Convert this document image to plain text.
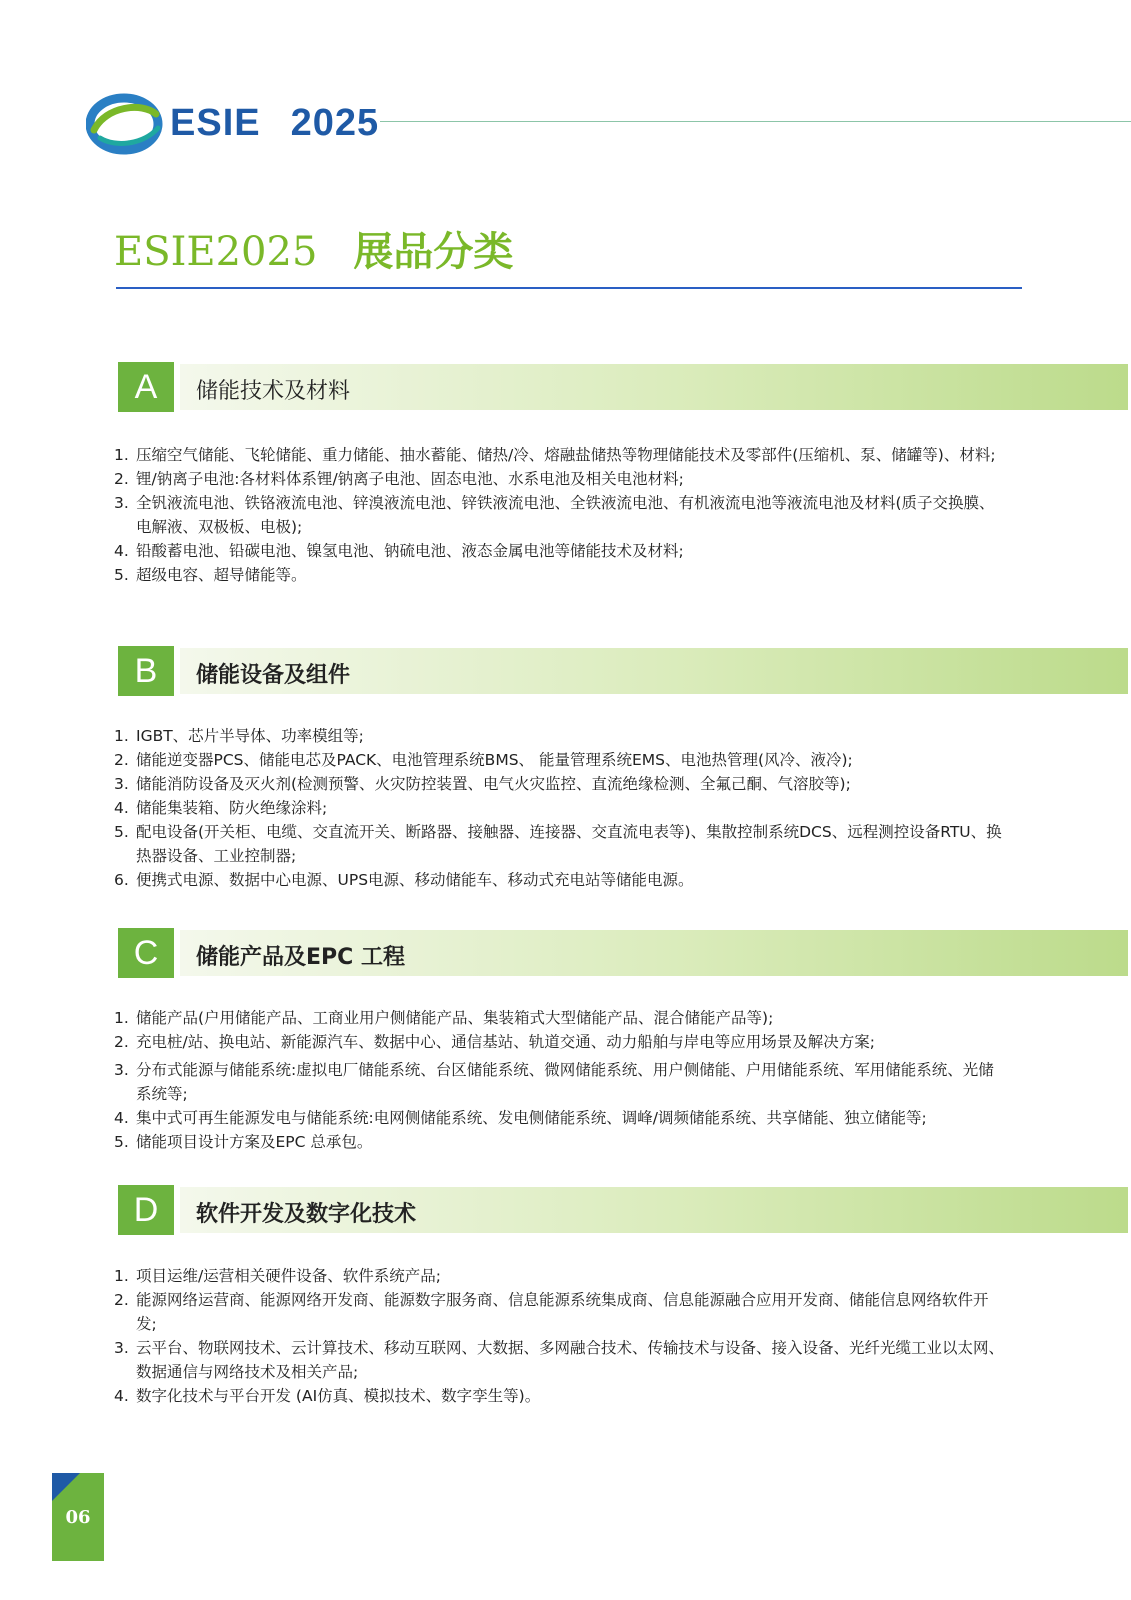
ESIE 2025
ESIE2025 展品分类
A	储能技术及材料
1. 压缩空气储能、飞轮储能、重力储能、抽水蓄能、储热/冷、熔融盐储热等物理储能技术及零部件(压缩机、泵、储罐等)、材料;
2. 锂/钠离子电池:各材料体系锂/钠离子电池、固态电池、水系电池及相关电池材料;
3. 全钒液流电池、铁铬液流电池、锌溴液流电池、锌铁液流电池、全铁液流电池、有机液流电池等液流电池及材料(质子交换膜、电解液、双极板、电极);
4. 铅酸蓄电池、铅碳电池、镍氢电池、钠硫电池、液态金属电池等储能技术及材料;
5. 超级电容、超导储能等。
B	储能设备及组件
1. IGBT、芯片半导体、功率模组等;
2. 储能逆变器PCS、储能电芯及PACK、电池管理系统BMS、 能量管理系统EMS、电池热管理(风冷、液冷);
3. 储能消防设备及灭火剂(检测预警、火灾防控装置、电气火灾监控、直流绝缘检测、全氟己酮、气溶胶等);
4. 储能集装箱、防火绝缘涂料;
5. 配电设备(开关柜、电缆、交直流开关、断路器、接触器、连接器、交直流电表等)、集散控制系统DCS、远程测控设备RTU、换热器设备、工业控制器;
6. 便携式电源、数据中心电源、UPS电源、移动储能车、移动式充电站等储能电源。
C	储能产品及EPC 工程
1. 储能产品(户用储能产品、工商业用户侧储能产品、集装箱式大型储能产品、混合储能产品等);
2. 充电桩/站、换电站、新能源汽车、数据中心、通信基站、轨道交通、动力船舶与岸电等应用场景及解决方案;
3. 分布式能源与储能系统:虚拟电厂储能系统、台区储能系统、微网储能系统、用户侧储能、户用储能系统、军用储能系统、光储系统等;
4. 集中式可再生能源发电与储能系统:电网侧储能系统、发电侧储能系统、调峰/调频储能系统、共享储能、独立储能等;
5. 储能项目设计方案及EPC 总承包。
D	软件开发及数字化技术
1. 项目运维/运营相关硬件设备、软件系统产品;
2. 能源网络运营商、能源网络开发商、能源数字服务商、信息能源系统集成商、信息能源融合应用开发商、储能信息网络软件开发;
3. 云平台、物联网技术、云计算技术、移动互联网、大数据、多网融合技术、传输技术与设备、接入设备、光纤光缆工业以太网、数据通信与网络技术及相关产品;
4. 数字化技术与平台开发 (AI仿真、模拟技术、数字孪生等)。
06
